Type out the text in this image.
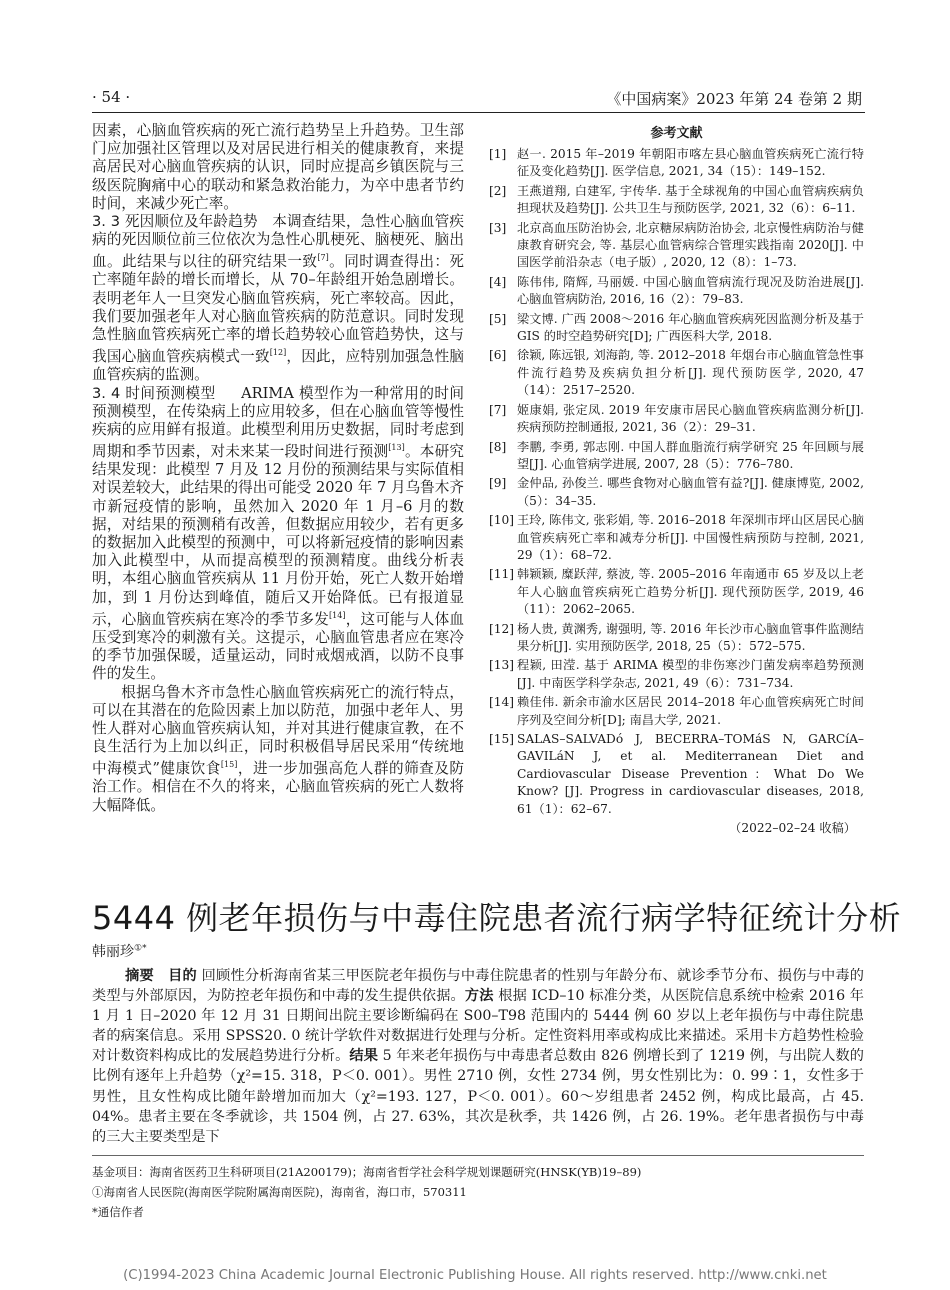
· 54 ·	《中国病案》2023 年第 24 卷第 2 期

因素，心脑血管疾病的死亡流行趋势呈上升趋势。卫生部门应加强社区管理以及对居民进行相关的健康教育，来提高居民对心脑血管疾病的认识，同时应提高乡镇医院与三级医院胸痛中心的联动和紧急救治能力，为卒中患者节约时间，来减少死亡率。

3. 3 死因顺位及年龄趋势 本调查结果，急性心脑血管疾病的死因顺位前三位依次为急性心肌梗死、脑梗死、脑出血。此结果与以往的研究结果一致[7]。同时调查得出：死亡率随年龄的增长而增长，从 70–年龄组开始急剧增长。表明老年人一旦突发心脑血管疾病，死亡率较高。因此，我们要加强老年人对心脑血管疾病的防范意识。同时发现急性脑血管疾病死亡率的增长趋势较心血管趋势快，这与我国心脑血管疾病模式一致[12]，因此，应特别加强急性脑血管疾病的监测。

3. 4 时间预测模型 ARIMA 模型作为一种常用的时间预测模型，在传染病上的应用较多，但在心脑血管等慢性疾病的应用鲜有报道。此模型利用历史数据，同时考虑到周期和季节因素，对未来某一段时间进行预测[13]。本研究结果发现：此模型 7 月及 12 月份的预测结果与实际值相对误差较大，此结果的得出可能受 2020 年 7 月乌鲁木齐市新冠疫情的影响，虽然加入 2020 年 1 月–6 月的数据，对结果的预测稍有改善，但数据应用较少，若有更多的数据加入此模型的预测中，可以将新冠疫情的影响因素加入此模型中，从而提高模型的预测精度。曲线分析表明，本组心脑血管疾病从 11 月份开始，死亡人数开始增加，到 1 月份达到峰值，随后又开始降低。已有报道显示，心脑血管疾病在寒冷的季节多发[14]，这可能与人体血压受到寒冷的刺激有关。这提示，心脑血管患者应在寒冷的季节加强保暖，适量运动，同时戒烟戒酒，以防不良事件的发生。

根据乌鲁木齐市急性心脑血管疾病死亡的流行特点，可以在其潜在的危险因素上加以防范，加强中老年人、男性人群对心脑血管疾病认知，并对其进行健康宣教，在不良生活行为上加以纠正，同时积极倡导居民采用“传统地中海模式”健康饮食[15]，进一步加强高危人群的筛查及防治工作。相信在不久的将来，心脑血管疾病的死亡人数将大幅降低。

参考文献
[1] 赵一. 2015 年–2019 年朝阳市喀左县心脑血管疾病死亡流行特征及变化趋势[J]. 医学信息, 2021, 34（15）：149–152.
[2] 王燕道翔, 白建军, 宇传华. 基于全球视角的中国心血管病疾病负担现状及趋势[J]. 公共卫生与预防医学, 2021, 32（6）：6–11.
[3] 北京高血压防治协会, 北京糖尿病防治协会, 北京慢性病防治与健康教育研究会, 等. 基层心血管病综合管理实践指南 2020[J]. 中国医学前沿杂志（电子版）, 2020, 12（8）：1–73.
[4] 陈伟伟, 隋辉, 马丽媛. 中国心脑血管病流行现况及防治进展[J]. 心脑血管病防治, 2016, 16（2）：79–83.
[5] 梁文博. 广西 2008～2016 年心脑血管疾病死因监测分析及基于 GIS 的时空趋势研究[D]; 广西医科大学, 2018.
[6] 徐颖, 陈远银, 刘海韵, 等. 2012–2018 年烟台市心脑血管急性事件流行趋势及疾病负担分析[J]. 现代预防医学, 2020, 47（14）：2517–2520.
[7] 姬康娟, 张定凤. 2019 年安康市居民心脑血管疾病监测分析[J]. 疾病预防控制通报, 2021, 36（2）：29–31.
[8] 李鹏, 李勇, 郭志刚. 中国人群血脂流行病学研究 25 年回顾与展望[J]. 心血管病学进展, 2007, 28（5）：776–780.
[9] 金仲品, 孙俊兰. 哪些食物对心脑血管有益?[J]. 健康博览, 2002,（5）：34–35.
[10] 王玲, 陈伟文, 张彩娟, 等. 2016–2018 年深圳市坪山区居民心脑血管疾病死亡率和减寿分析[J]. 中国慢性病预防与控制, 2021, 29（1）：68–72.
[11] 韩颖颖, 糜跃萍, 蔡波, 等. 2005–2016 年南通市 65 岁及以上老年人心脑血管疾病死亡趋势分析[J]. 现代预防医学, 2019, 46（11）：2062–2065.
[12] 杨人贵, 黄渊秀, 谢强明, 等. 2016 年长沙市心脑血管事件监测结果分析[J]. 实用预防医学, 2018, 25（5）：572–575.
[13] 程颖, 田滢. 基于 ARIMA 模型的非伤寒沙门菌发病率趋势预测[J]. 中南医学科学杂志, 2021, 49（6）：731–734.
[14] 赖佳伟. 新余市渝水区居民 2014–2018 年心血管疾病死亡时间序列及空间分析[D]; 南昌大学, 2021.
[15] SALAS–SALVADó J, BECERRA–TOMáS N, GARCíA–GAVILáN J, et al. Mediterranean Diet and Cardiovascular Disease Prevention：What Do We Know? [J]. Progress in cardiovascular diseases, 2018, 61（1）：62–67.
（2022–02–24 收稿）
5444 例老年损伤与中毒住院患者流行病学特征统计分析
韩丽珍①*

摘要 目的 回顾性分析海南省某三甲医院老年损伤与中毒住院患者的性别与年龄分布、就诊季节分布、损伤与中毒的类型与外部原因，为防控老年损伤和中毒的发生提供依据。方法 根据 ICD–10 标准分类，从医院信息系统中检索 2016 年 1 月 1 日–2020 年 12 月 31 日期间出院主要诊断编码在 S00–T98 范围内的 5444 例 60 岁以上老年损伤与中毒住院患者的病案信息。采用 SPSS20. 0 统计学软件对数据进行处理与分析。定性资料用率或构成比来描述。采用卡方趋势性检验对计数资料构成比的发展趋势进行分析。结果 5 年来老年损伤与中毒患者总数由 826 例增长到了 1219 例，与出院人数的比例有逐年上升趋势（χ²=15. 318，P＜0. 001）。男性 2710 例，女性 2734 例，男女性别比为：0. 99∶1，女性多于男性，且女性构成比随年龄增加而加大（χ²=193. 127，P＜0. 001）。60～岁组患者 2452 例，构成比最高，占 45. 04%。患者主要在冬季就诊，共 1504 例，占 27. 63%，其次是秋季，共 1426 例，占 26. 19%。老年患者损伤与中毒的三大主要类型是下

基金项目：海南省医药卫生科研项目(21A200179)；海南省哲学社会科学规划课题研究(HNSK(YB)19–89)
①海南省人民医院(海南医学院附属海南医院)，海南省，海口市，570311
*通信作者
(C)1994-2023 China Academic Journal Electronic Publishing House. All rights reserved. http://www.cnki.net
